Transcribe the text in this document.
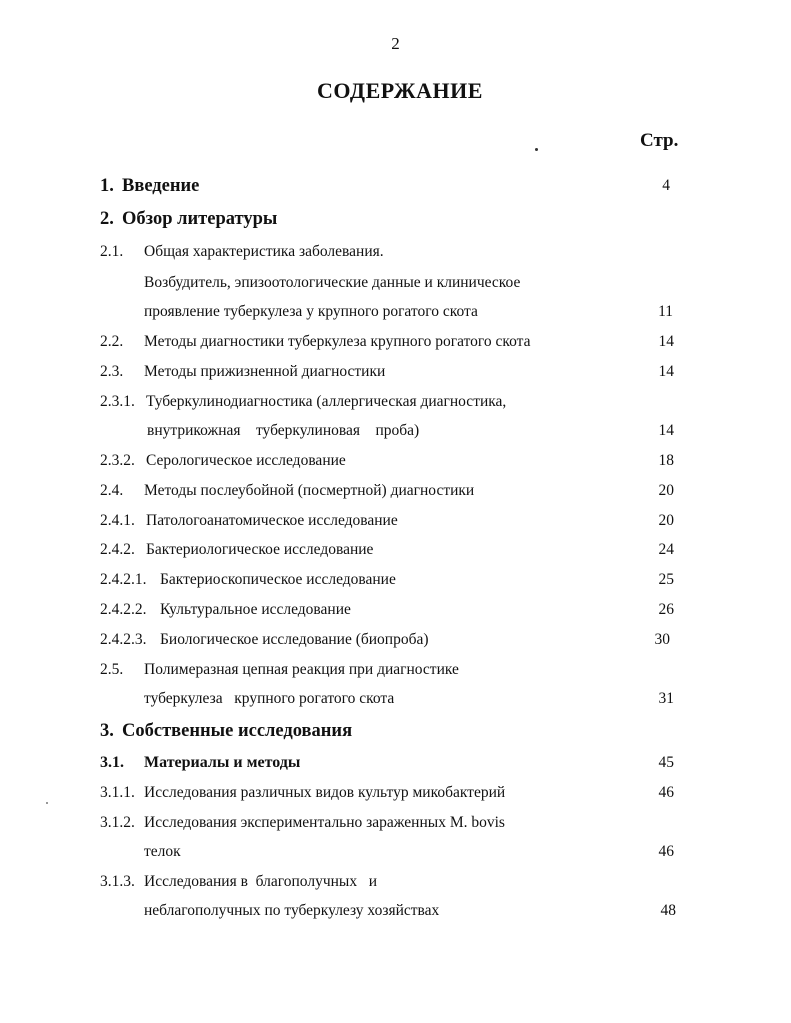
2
СОДЕРЖАНИЕ
Стр.
1. Введение	4
2. Обзор литературы
2.1. Общая характеристика заболевания.
Возбудитель, эпизоотологические данные и клиническое
проявление туберкулеза у крупного рогатого скота	11
2.2. Методы диагностики туберкулеза крупного рогатого скота	14
2.3. Методы прижизненной диагностики	14
2.3.1. Туберкулинодиагностика (аллергическая диагностика,
внутрикожная    туберкулиновая    проба)	14
2.3.2. Серологическое исследование	18
2.4. Методы послеубойной (посмертной) диагностики	20
2.4.1. Патологоанатомическое исследование	20
2.4.2. Бактериологическое исследование	24
2.4.2.1. Бактериоскопическое исследование	25
2.4.2.2. Культуральное исследование	26
2.4.2.3. Биологическое исследование (биопроба)	30
2.5. Полимеразная цепная реакция при диагностике
туберкулеза   крупного рогатого скота	31
3. Собственные исследования
3.1. Материалы и методы	45
3.1.1. Исследования различных видов культур микобактерий	46
3.1.2. Исследования экспериментально зараженных M. bovis
телок	46
3.1.3. Исследования в  благополучных   и
неблагополучных по туберкулезу хозяйствах	48
